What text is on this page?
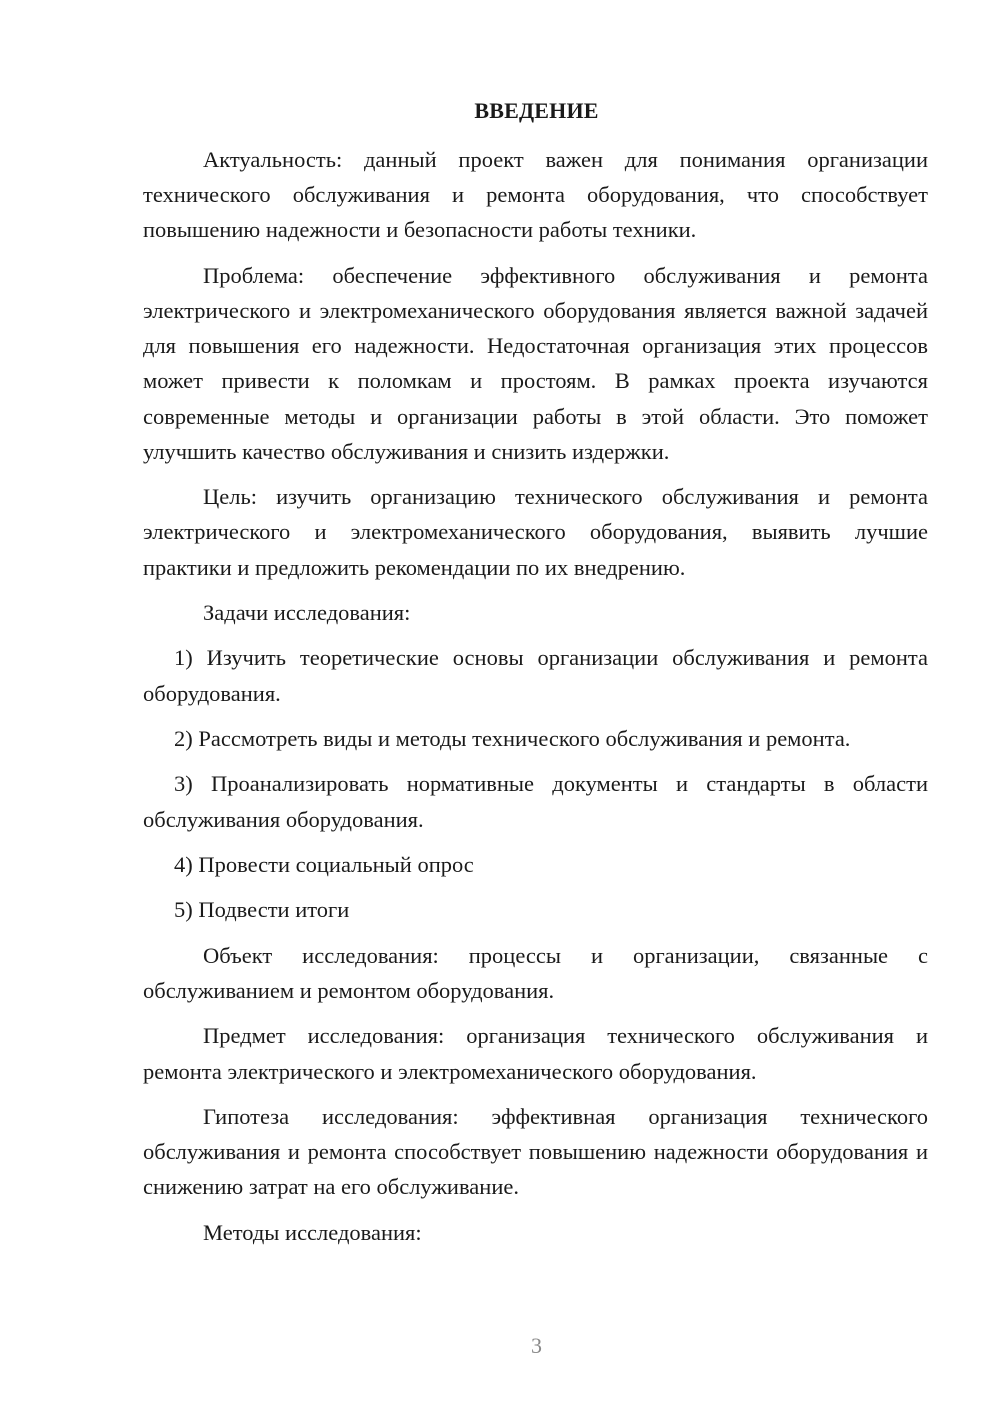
ВВЕДЕНИЕ

Актуальность: данный проект важен для понимания организации технического обслуживания и ремонта оборудования, что способствует повышению надежности и безопасности работы техники.

Проблема: обеспечение эффективного обслуживания и ремонта электрического и электромеханического оборудования является важной задачей для повышения его надежности. Недостаточная организация этих процессов может привести к поломкам и простоям. В рамках проекта изучаются современные методы и организации работы в этой области. Это поможет улучшить качество обслуживания и снизить издержки.

Цель: изучить организацию технического обслуживания и ремонта электрического и электромеханического оборудования, выявить лучшие практики и предложить рекомендации по их внедрению.

Задачи исследования:

1) Изучить теоретические основы организации обслуживания и ремонта оборудования.

2) Рассмотреть виды и методы технического обслуживания и ремонта.

3) Проанализировать нормативные документы и стандарты в области обслуживания оборудования.

4) Провести социальный опрос

5) Подвести итоги

Объект исследования: процессы и организации, связанные с обслуживанием и ремонтом оборудования.

Предмет исследования: организация технического обслуживания и ремонта электрического и электромеханического оборудования.

Гипотеза исследования: эффективная организация технического обслуживания и ремонта способствует повышению надежности оборудования и снижению затрат на его обслуживание.

Методы исследования:

3
